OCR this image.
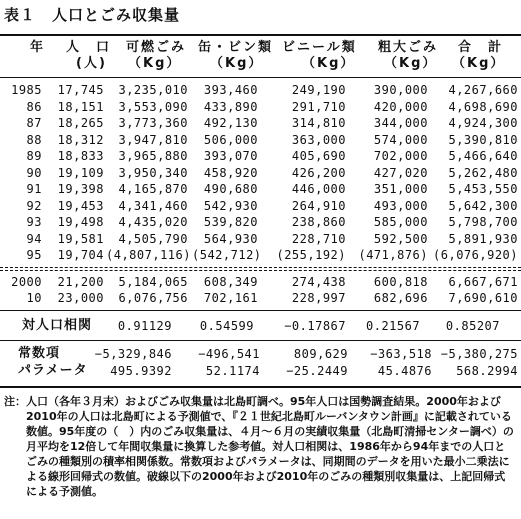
表１　人口とごみ収集量
年 人　口 可燃ごみ 缶・ビン類 ビニール類 粗大ごみ 合　計
(人) （Kg） （Kg）	（Kg） （Kg） （Kg）
1985	17,745	3,235,010	393,460	249,190	390,000	4,267,660
86	18,151	3,553,090	433,890	291,710	420,000	4,698,690
87	18,265	3,773,360	492,130	314,810	344,000	4,924,300
88	18,312	3,947,810	506,000	363,000	574,000	5,390,810
89	18,833	3,965,880	393,070	405,690	702,000	5,466,640
90	19,109	3,950,340	458,920	426,200	427,020	5,262,480
91	19,398	4,165,870	490,680	446,000	351,000	5,453,550
92	19,453	4,341,460	542,930	264,910	493,000	5,642,300
93	19,498	4,435,020	539,820	238,860	585,000	5,798,700
94	19,581	4,505,790	564,930	228,710	592,500	5,891,930
95	19,704 (4,807,116) (542,712) (255,192)	(471,876) (6,076,920)
2000	21,200	5,184,065	608,349	274,438	600,818	6,667,671
10	23,000	6,076,756	702,161	228,997	682,696	7,690,610
対人口相関	0.91129	0.54599	−0.17867 0.21567	0.85207
常数項	−5,329,846	−496,541	809,629	−363,518 −5,380,275
パラメータ	495.9392	52.1174	−25.2449	45.4876	568.2994
注： 人口（各年３月末）およびごみ収集量は北島町調べ。95年人口は国勢調査結果。2000年および2010年の人口は北島町による予測値で、『２１世紀北島町ルーバンタウン計画』に記載されている数値。95年度の（　）内のごみ収集量は、４月～６月の実績収集量（北島町清掃センター調べ）の月平均を12倍して年間収集量に換算した参考値。対人口相関は、1986年から94年までの人口とごみの種類別の積率相関係数。常数項およびパラメータは、同期間のデータを用いた最小二乗法による線形回帰式の数値。破線以下の2000年および2010年のごみの種類別収集量は、上記回帰式による予測値。
